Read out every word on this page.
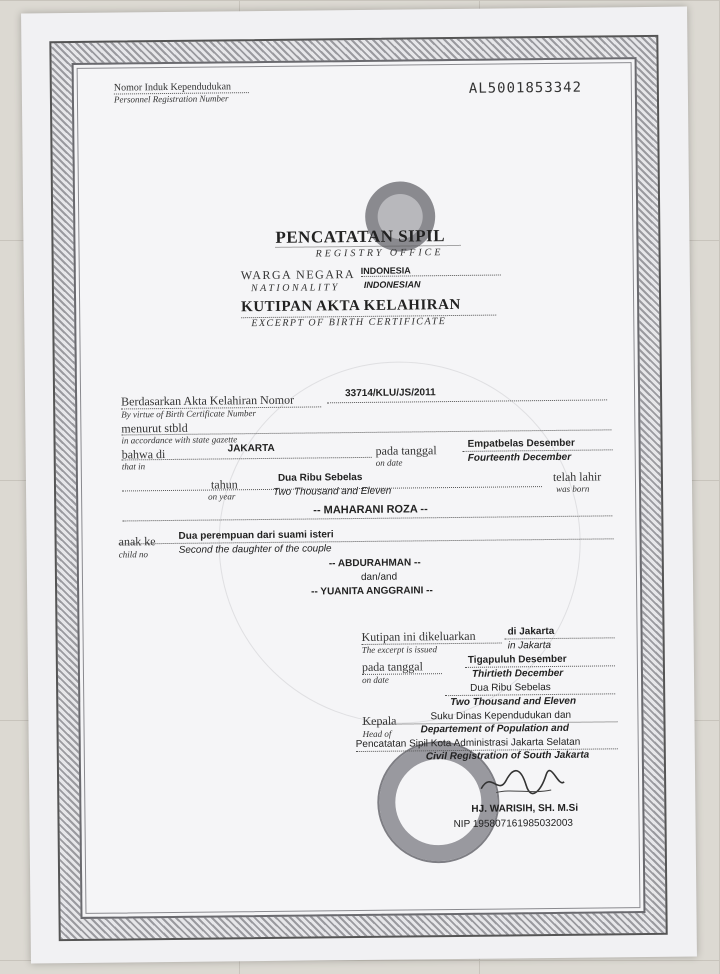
Nomor Induk Kependudukan
Personnel Registration Number
AL5001853342
PENCATATAN SIPIL
REGISTRY OFFICE
WARGA NEGARA
NATIONALITY
INDONESIA
INDONESIAN
KUTIPAN AKTA KELAHIRAN
EXCERPT OF BIRTH CERTIFICATE
Berdasarkan Akta Kelahiran Nomor
By virtue of Birth Certificate Number
33714/KLU/JS/2011
menurut stbld
in accordance with state gazette
bahwa di
that in
JAKARTA	pada tanggal
on date
Empatbelas Desember
Fourteenth December
tahun
on year
Dua Ribu Sebelas
Two Thousand and Eleven
telah lahir
was born
-- MAHARANI ROZA --
anak ke
child no
Dua perempuan dari suami isteri
Second the daughter of the couple
-- ABDURAHMAN --
dan/and
-- YUANITA ANGGRAINI --
Kutipan ini dikeluarkan
The excerpt is issued
di Jakarta
in Jakarta
pada tanggal
on date
Tigapuluh Desember
Thirtieth December
Dua Ribu Sebelas
Two Thousand and Eleven
Kepala
Head of
Suku Dinas Kependudukan dan
Departement of Population and
Pencatatan Sipil Kota Administrasi Jakarta Selatan
Civil Registration of South Jakarta
HJ. WARISIH, SH. M.Si
NIP 195807161985032003
